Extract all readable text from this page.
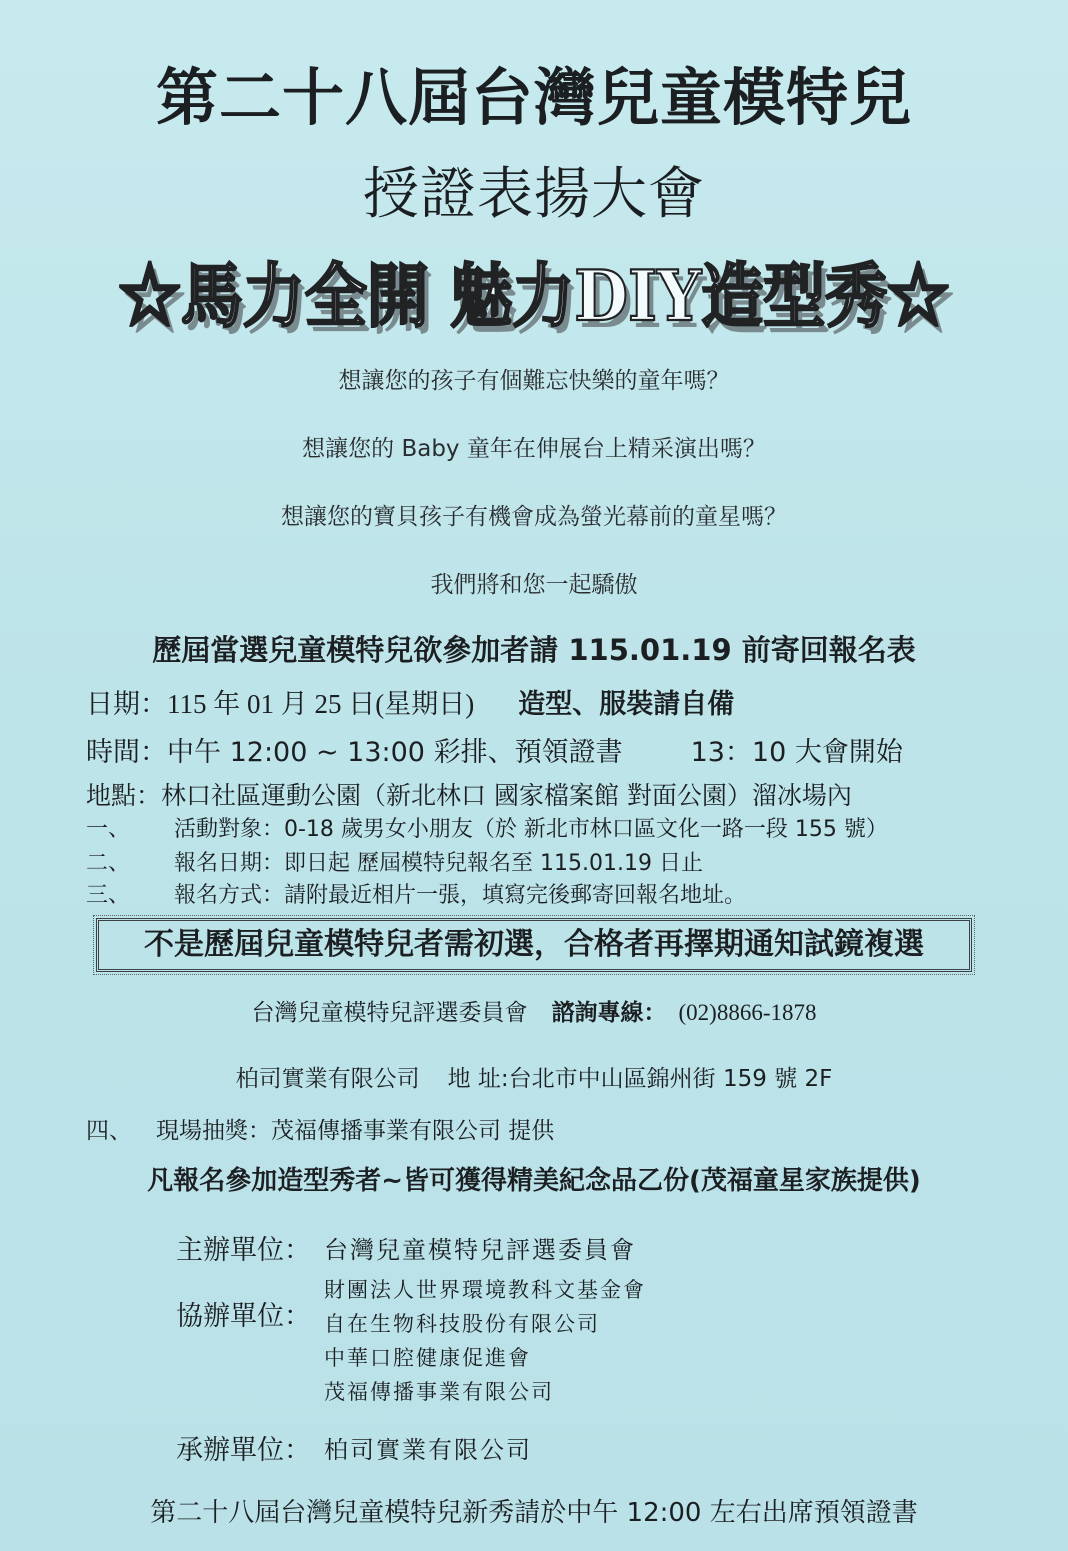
第二十八屆台灣兒童模特兒
授證表揚大會
☆馬力全開 魅力DIY造型秀☆
想讓您的孩子有個難忘快樂的童年嗎？
想讓您的 Baby 童年在伸展台上精采演出嗎？
想讓您的寶貝孩子有機會成為螢光幕前的童星嗎？
我們將和您一起驕傲
歷屆當選兒童模特兒欲參加者請 115.01.19 前寄回報名表
日期：115 年 01 月 25 日(星期日) 造型、服裝請自備
時間：中午 12:00 ~ 13:00 彩排、預領證書	13：10 大會開始
地點：林口社區運動公園（新北林口 國家檔案館 對面公園）溜冰場內
一、 活動對象：0-18 歲男女小朋友（於 新北市林口區文化一路一段 155 號）
二、 報名日期：即日起 歷屆模特兒報名至 115.01.19 日止
三、 報名方式：請附最近相片一張，填寫完後郵寄回報名地址。
不是歷屆兒童模特兒者需初選，合格者再擇期通知試鏡複選
台灣兒童模特兒評選委員會 諮詢專線： (02)8866-1878
柏司實業有限公司 地 址:台北市中山區錦州街 159 號 2F
四、 現場抽獎：茂福傳播事業有限公司 提供
凡報名參加造型秀者~皆可獲得精美紀念品乙份(茂福童星家族提供)
主辦單位： 台灣兒童模特兒評選委員會
協辦單位：
財團法人世界環境教科文基金會
自在生物科技股份有限公司
中華口腔健康促進會
茂福傳播事業有限公司
承辦單位： 柏司實業有限公司
第二十八屆台灣兒童模特兒新秀請於中午 12:00 左右出席預領證書
